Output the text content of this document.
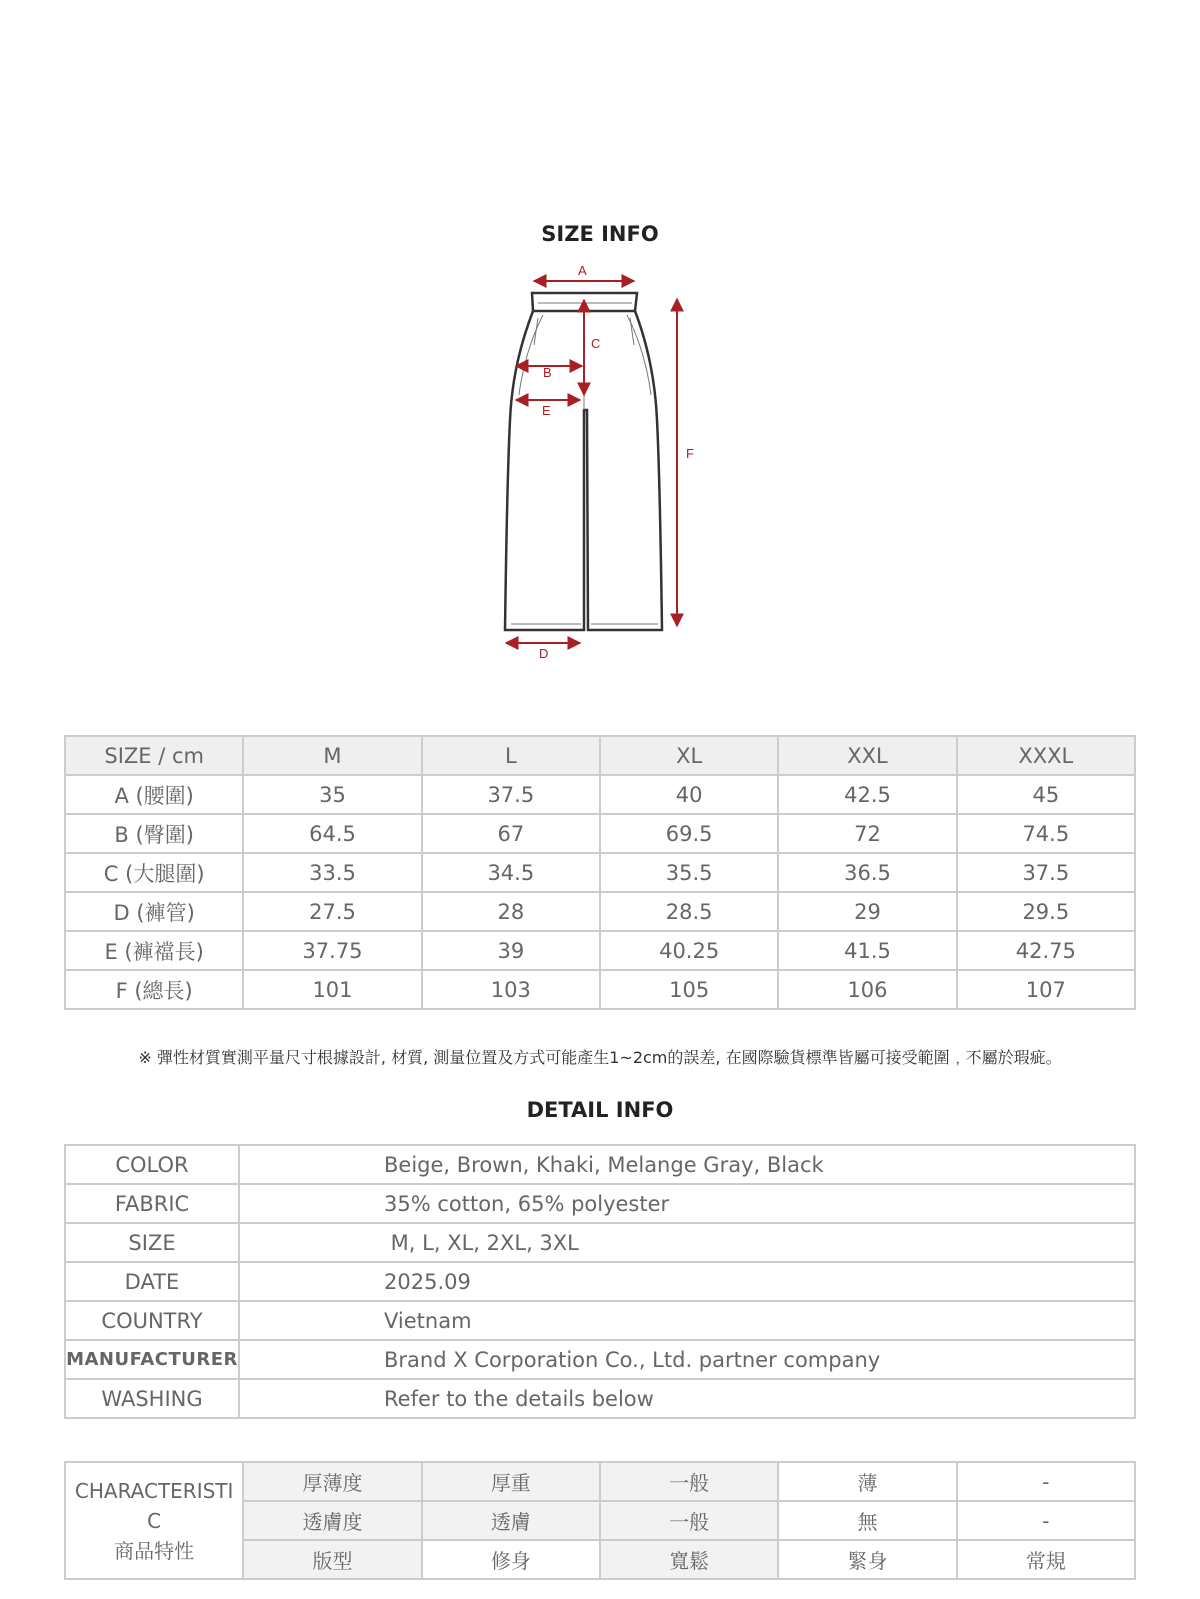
SIZE INFO
A
B
C
D
E
F
SIZE / cm	M	L	XL	XXL	XXXL
A (腰圍)	35	37.5	40	42.5	45
B (臀圍)	64.5	67	69.5	72	74.5
C (大腿圍)	33.5	34.5	35.5	36.5	37.5
D (褲管)	27.5	28	28.5	29	29.5
E (褲襠長)	37.75	39	40.25	41.5	42.75
F (總長)	101	103	105	106	107
※ 彈性材質實測平量尺寸根據設計, 材質, 測量位置及方式可能產生1~2cm的誤差, 在國際驗貨標準皆屬可接受範圍﹐不屬於瑕疵。
DETAIL INFO
COLOR	Beige, Brown, Khaki, Melange Gray, Black
FABRIC	35% cotton, 65% polyester
SIZE	M, L, XL, 2XL, 3XL
DATE	2025.09
COUNTRY	Vietnam
MANUFACTURER	Brand X Corporation Co., Ltd. partner company
WASHING	Refer to the details below
CHARACTERISTI
C
商品特性	厚薄度	厚重	一般	薄	-
	透膚度	透膚	一般	無	-
	版型	修身	寬鬆	緊身	常規
